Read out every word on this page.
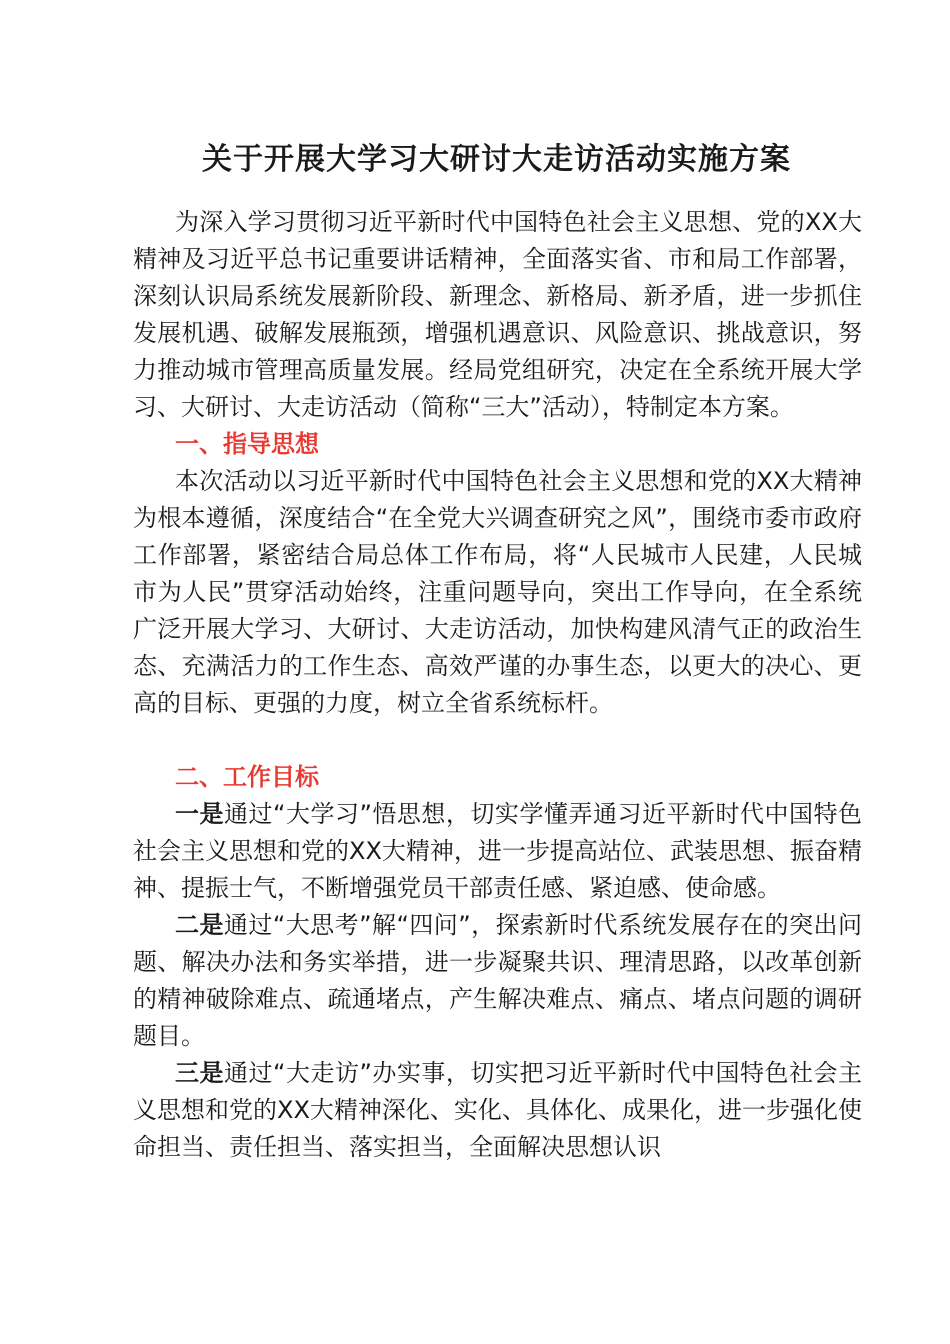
关于开展大学习大研讨大走访活动实施方案

为深入学习贯彻习近平新时代中国特色社会主义思想、党的XX大精神及习近平总书记重要讲话精神，全面落实省、市和局工作部署，深刻认识局系统发展新阶段、新理念、新格局、新矛盾，进一步抓住发展机遇、破解发展瓶颈，增强机遇意识、风险意识、挑战意识，努力推动城市管理高质量发展。经局党组研究，决定在全系统开展大学习、大研讨、大走访活动（简称“三大”活动），特制定本方案。

一、指导思想

本次活动以习近平新时代中国特色社会主义思想和党的XX大精神为根本遵循，深度结合“在全党大兴调查研究之风”，围绕市委市政府工作部署，紧密结合局总体工作布局，将“人民城市人民建，人民城市为人民”贯穿活动始终，注重问题导向，突出工作导向，在全系统广泛开展大学习、大研讨、大走访活动，加快构建风清气正的政治生态、充满活力的工作生态、高效严谨的办事生态，以更大的决心、更高的目标、更强的力度，树立全省系统标杆。

二、工作目标

一是通过“大学习”悟思想，切实学懂弄通习近平新时代中国特色社会主义思想和党的XX大精神，进一步提高站位、武装思想、振奋精神、提振士气，不断增强党员干部责任感、紧迫感、使命感。

二是通过“大思考”解“四问”，探索新时代系统发展存在的突出问题、解决办法和务实举措，进一步凝聚共识、理清思路，以改革创新的精神破除难点、疏通堵点，产生解决难点、痛点、堵点问题的调研题目。

三是通过“大走访”办实事，切实把习近平新时代中国特色社会主义思想和党的XX大精神深化、实化、具体化、成果化，进一步强化使命担当、责任担当、落实担当，全面解决思想认识
